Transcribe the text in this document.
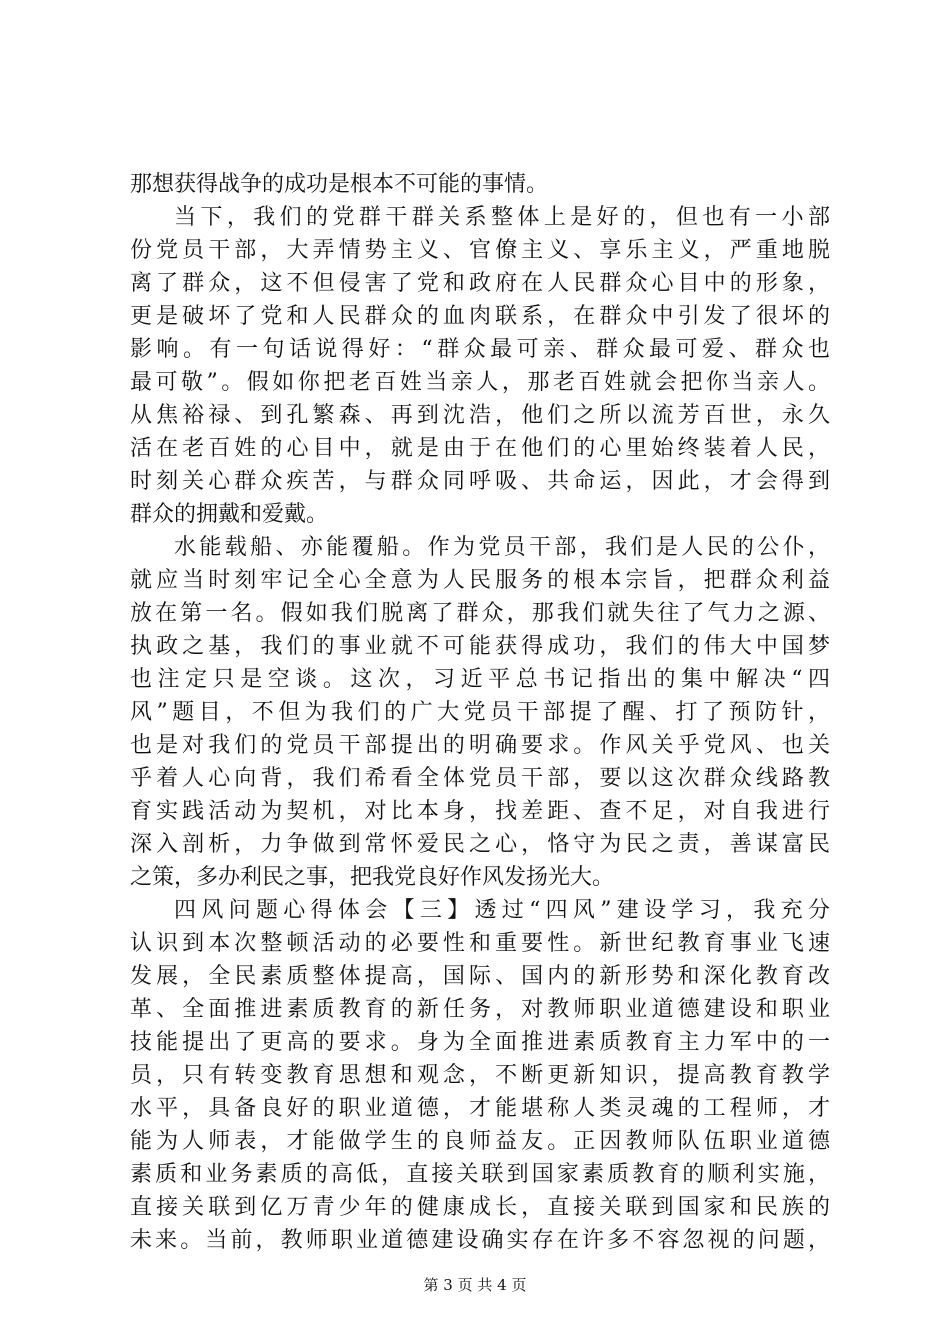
那想获得战争的成功是根本不可能的事情。

当下，我们的党群干群关系整体上是好的，但也有一小部

份党员干部，大弄情势主义、官僚主义、享乐主义，严重地脱

离了群众，这不但侵害了党和政府在人民群众心目中的形象，

更是破坏了党和人民群众的血肉联系，在群众中引发了很坏的

影响。有一句话说得好：“群众最可亲、群众最可爱、群众也

最可敬”。假如你把老百姓当亲人，那老百姓就会把你当亲人。

从焦裕禄、到孔繁森、再到沈浩，他们之所以流芳百世，永久

活在老百姓的心目中，就是由于在他们的心里始终装着人民，

时刻关心群众疾苦，与群众同呼吸、共命运，因此，才会得到

群众的拥戴和爱戴。

水能载船、亦能覆船。作为党员干部，我们是人民的公仆，

就应当时刻牢记全心全意为人民服务的根本宗旨，把群众利益

放在第一名。假如我们脱离了群众，那我们就失往了气力之源、

执政之基，我们的事业就不可能获得成功，我们的伟大中国梦

也注定只是空谈。这次，习近平总书记指出的集中解决“四

风”题目，不但为我们的广大党员干部提了醒、打了预防针，

也是对我们的党员干部提出的明确要求。作风关乎党风、也关

乎着人心向背，我们希看全体党员干部，要以这次群众线路教

育实践活动为契机，对比本身，找差距、查不足，对自我进行

深入剖析，力争做到常怀爱民之心，恪守为民之责，善谋富民

之策，多办利民之事，把我党良好作风发扬光大。

四风问题心得体会【三】透过“四风”建设学习，我充分

认识到本次整顿活动的必要性和重要性。新世纪教育事业飞速

发展，全民素质整体提高，国际、国内的新形势和深化教育改

革、全面推进素质教育的新任务，对教师职业道德建设和职业

技能提出了更高的要求。身为全面推进素质教育主力军中的一

员，只有转变教育思想和观念，不断更新知识，提高教育教学

水平，具备良好的职业道德，才能堪称人类灵魂的工程师，才

能为人师表，才能做学生的良师益友。正因教师队伍职业道德

素质和业务素质的高低，直接关联到国家素质教育的顺利实施，

直接关联到亿万青少年的健康成长，直接关联到国家和民族的

未来。当前，教师职业道德建设确实存在许多不容忽视的问题，

第 3 页 共 4 页
